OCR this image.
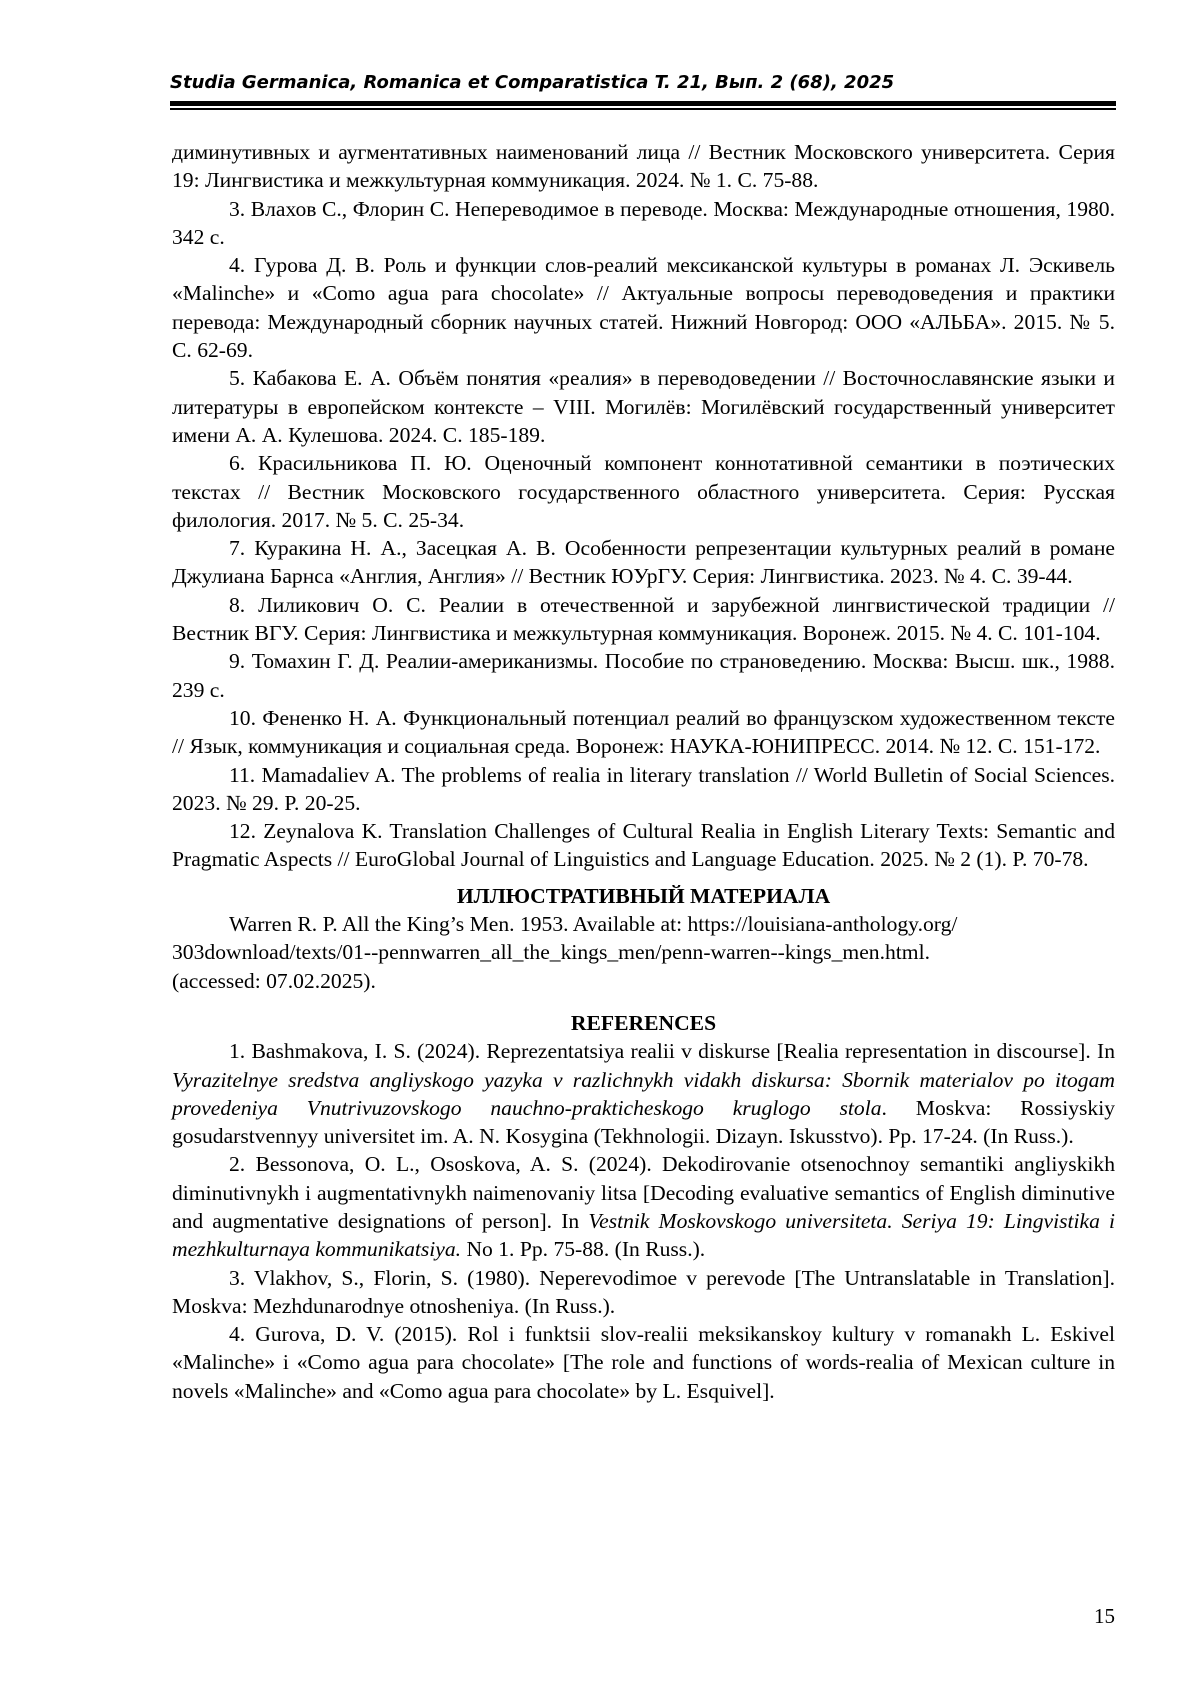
Studia Germanica, Romanica et Comparatistica T. 21, Вып. 2 (68), 2025

диминутивных и аугментативных наименований лица // Вестник Московского университета. Серия 19: Лингвистика и межкультурная коммуникация. 2024. № 1. С. 75-88.

3. Влахов С., Флорин С. Непереводимое в переводе. Москва: Международные отношения, 1980. 342 с.

4. Гурова Д. В. Роль и функции слов-реалий мексиканской культуры в романах Л. Эскивель «Malinche» и «Como agua para chocolate» // Актуальные вопросы переводоведения и практики перевода: Международный сборник научных статей. Нижний Новгород: ООО «АЛЬБА». 2015. № 5. С. 62-69.

5. Кабакова Е. А. Объём понятия «реалия» в переводоведении // Восточнославянские языки и литературы в европейском контексте – VIII. Могилёв: Могилёвский государственный университет имени А. А. Кулешова. 2024. С. 185-189.

6. Красильникова П. Ю. Оценочный компонент коннотативной семантики в поэтических текстах // Вестник Московского государственного областного университета. Серия: Русская филология. 2017. № 5. С. 25-34.

7. Куракина Н. А., Засецкая А. В. Особенности репрезентации культурных реалий в романе Джулиана Барнса «Англия, Англия» // Вестник ЮУрГУ. Серия: Лингвистика. 2023. № 4. С. 39-44.

8. Лиликович О. С. Реалии в отечественной и зарубежной лингвистической традиции // Вестник ВГУ. Серия: Лингвистика и межкультурная коммуникация. Воронеж. 2015. № 4. С. 101-104.

9. Томахин Г. Д. Реалии-американизмы. Пособие по страноведению. Москва: Высш. шк., 1988. 239 с.

10. Фененко Н. А. Функциональный потенциал реалий во французском художественном тексте // Язык, коммуникация и социальная среда. Воронеж: НАУКА-ЮНИПРЕСС. 2014. № 12. С. 151-172.

11. Mamadaliev A. The problems of realia in literary translation // World Bulletin of Social Sciences. 2023. № 29. P. 20-25.

12. Zeynalova K. Translation Challenges of Cultural Realia in English Literary Texts: Semantic and Pragmatic Aspects // EuroGlobal Journal of Linguistics and Language Education. 2025. № 2 (1). P. 70-78.

ИЛЛЮСТРАТИВНЫЙ МАТЕРИАЛА

Warren R. P. All the King’s Men. 1953. Available at: https://louisiana-anthology.org/
303download/texts/01--pennwarren_all_the_kings_men/penn-warren--kings_men.html.
(accessed: 07.02.2025).

REFERENCES

1. Bashmakova, I. S. (2024). Reprezentatsiya realii v diskurse [Realia representation in discourse]. In Vyrazitelnye sredstva angliyskogo yazyka v razlichnykh vidakh diskursa: Sbornik materialov po itogam provedeniya Vnutrivuzovskogo nauchno-prakticheskogo kruglogo stola. Moskva: Rossiyskiy gosudarstvennyy universitet im. A. N. Kosygina (Tekhnologii. Dizayn. Iskusstvo). Pp. 17-24. (In Russ.).

2. Bessonova, O. L., Ososkova, A. S. (2024). Dekodirovanie otsenochnoy semantiki angliyskikh diminutivnykh i augmentativnykh naimenovaniy litsa [Decoding evaluative semantics of English diminutive and augmentative designations of person]. In Vestnik Moskovskogo universiteta. Seriya 19: Lingvistika i mezhkulturnaya kommunikatsiya. No 1. Pp. 75-88. (In Russ.).

3. Vlakhov, S., Florin, S. (1980). Neperevodimoe v perevode [The Untranslatable in Translation]. Moskva: Mezhdunarodnye otnosheniya. (In Russ.).

4. Gurova, D. V. (2015). Rol i funktsii slov-realii meksikanskoy kultury v romanakh L. Eskivel «Malinche» i «Como agua para chocolate» [The role and functions of words-realia of Mexican culture in novels «Malinche» and «Como agua para chocolate» by L. Esquivel].

15
